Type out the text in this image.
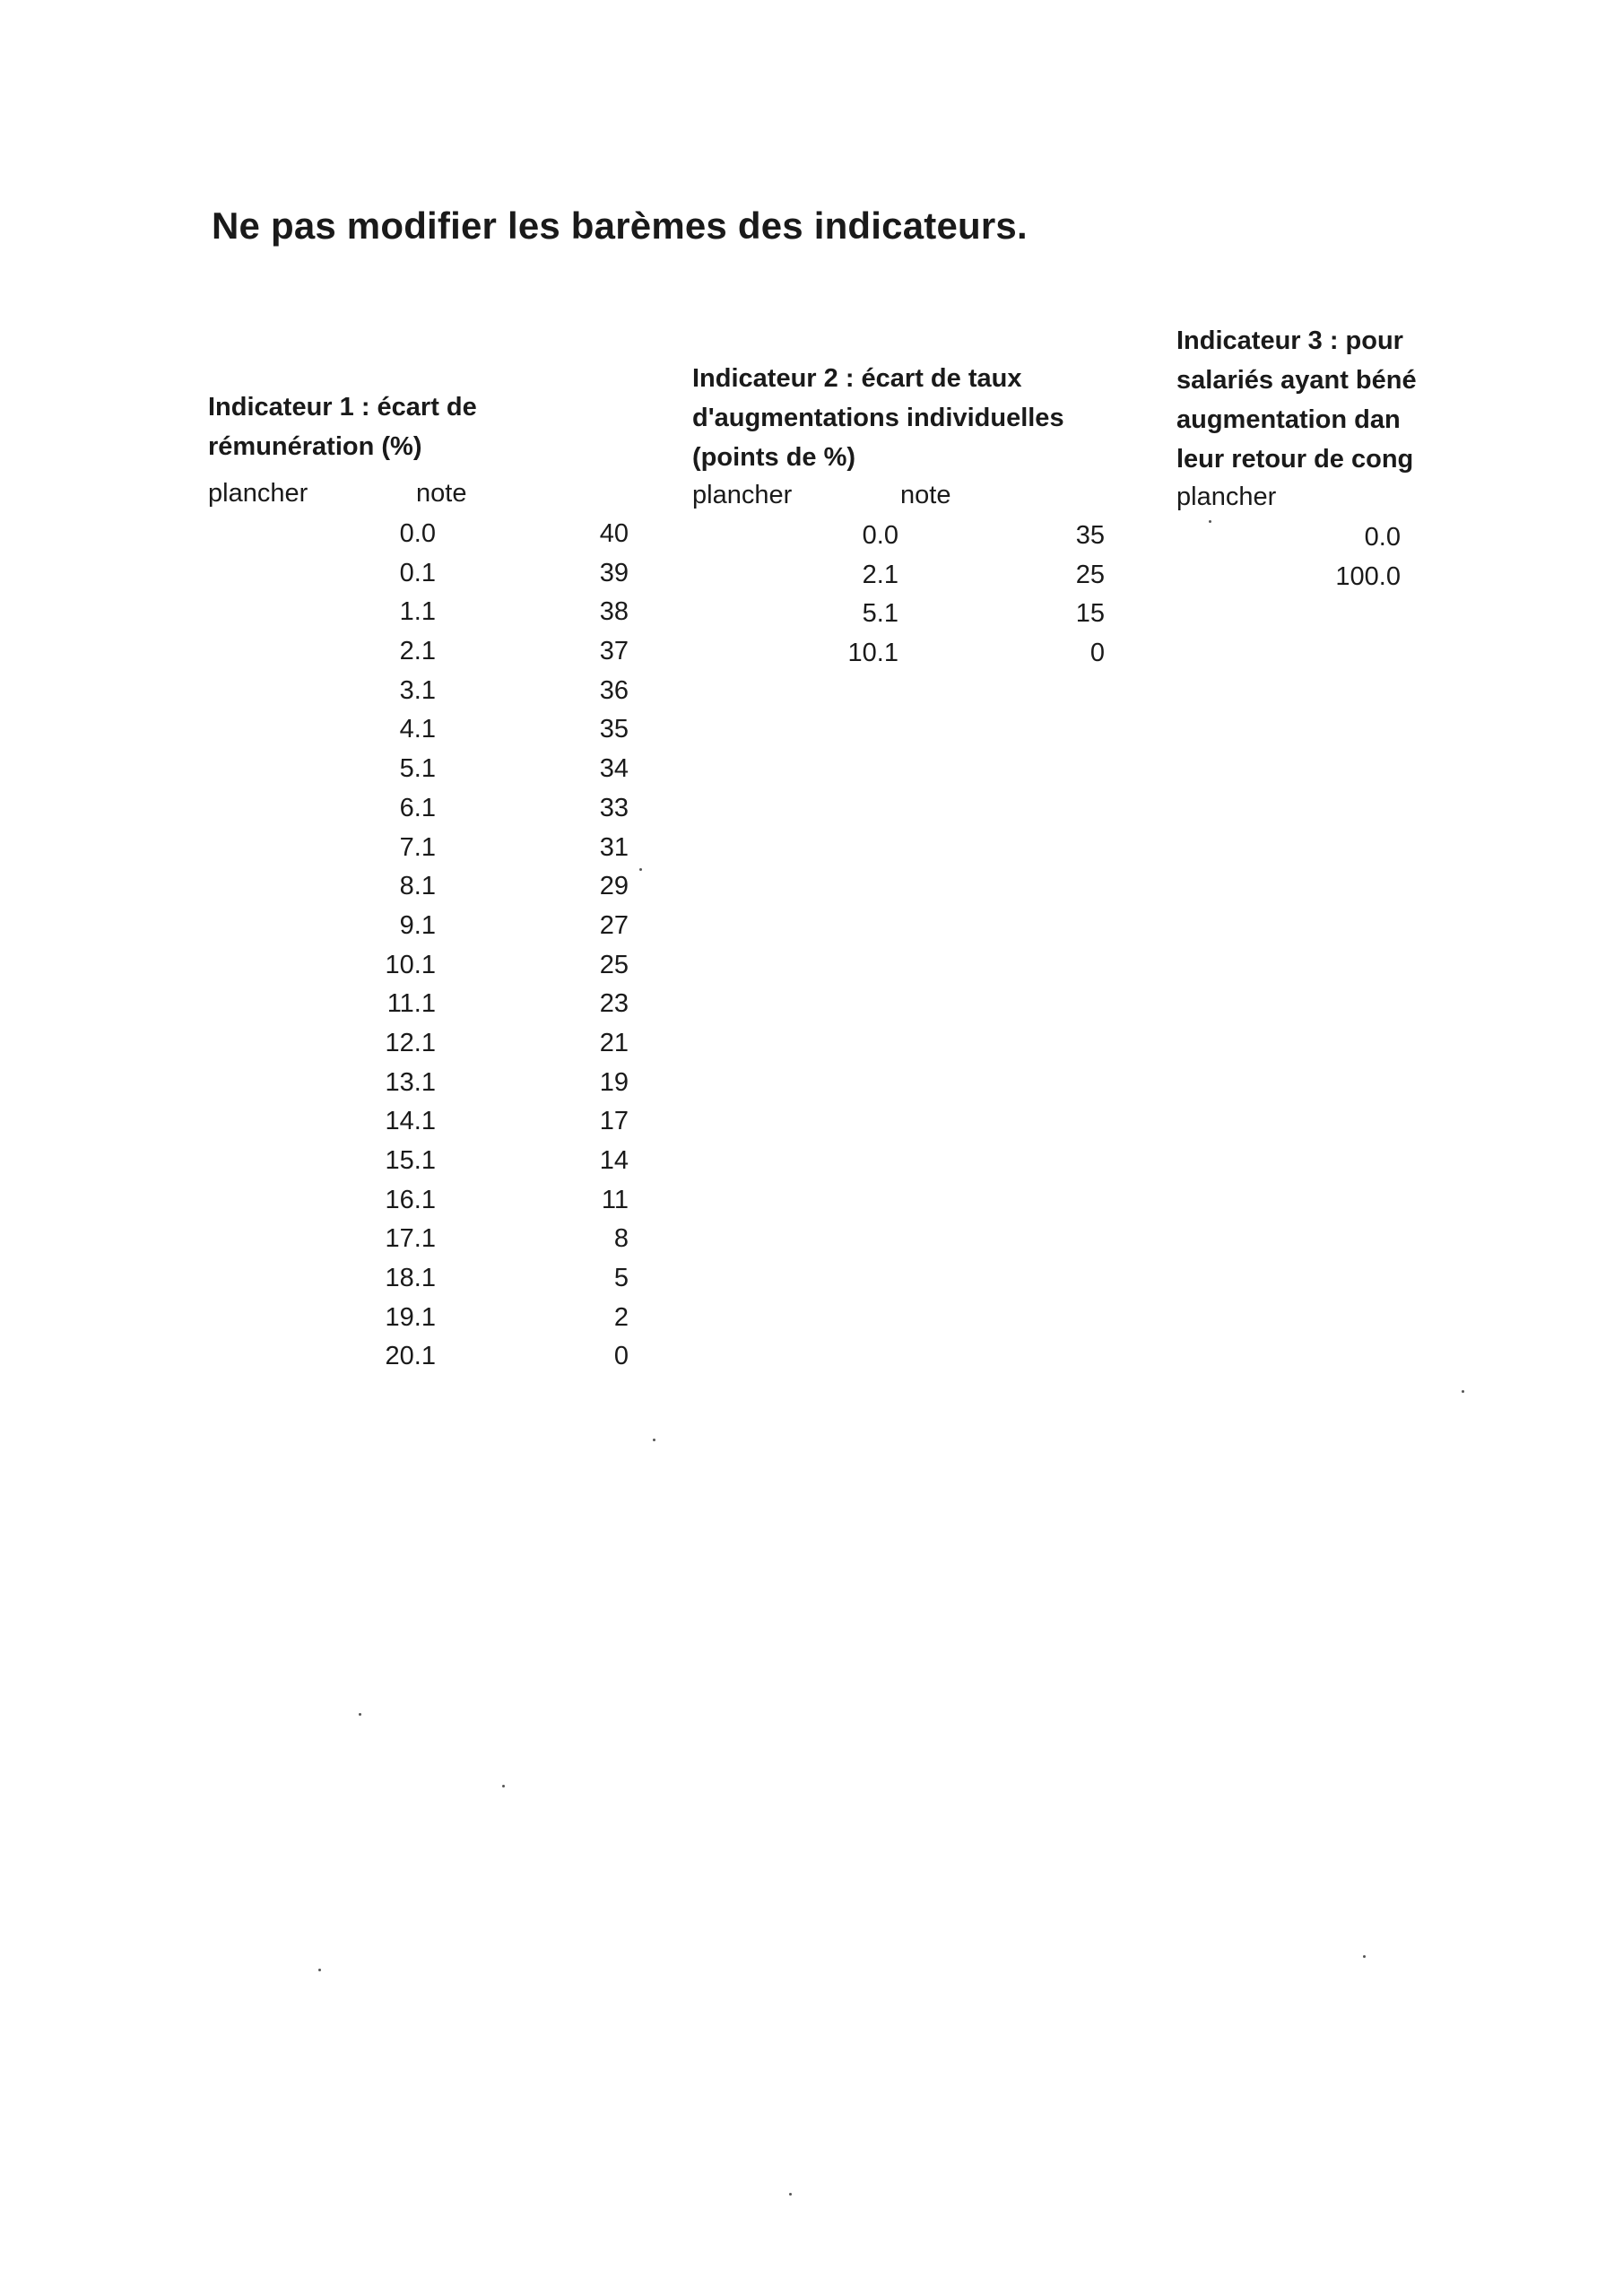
Ne pas modifier les barèmes des indicateurs.
Indicateur 1 : écart de
rémunération (%)
plancher	note
0.0	40
0.1	39
1.1	38
2.1	37
3.1	36
4.1	35
5.1	34
6.1	33
7.1	31
8.1	29
9.1	27
10.1	25
11.1	23
12.1	21
13.1	19
14.1	17
15.1	14
16.1	11
17.1	8
18.1	5
19.1	2
20.1	0
Indicateur 2 : écart de taux
d'augmentations individuelles
(points de %)
plancher	note
0.0	35
2.1	25
5.1	15
10.1	0
Indicateur 3 : pour
salariés ayant béné
augmentation dan
leur retour de cong
plancher
0.0
100.0
